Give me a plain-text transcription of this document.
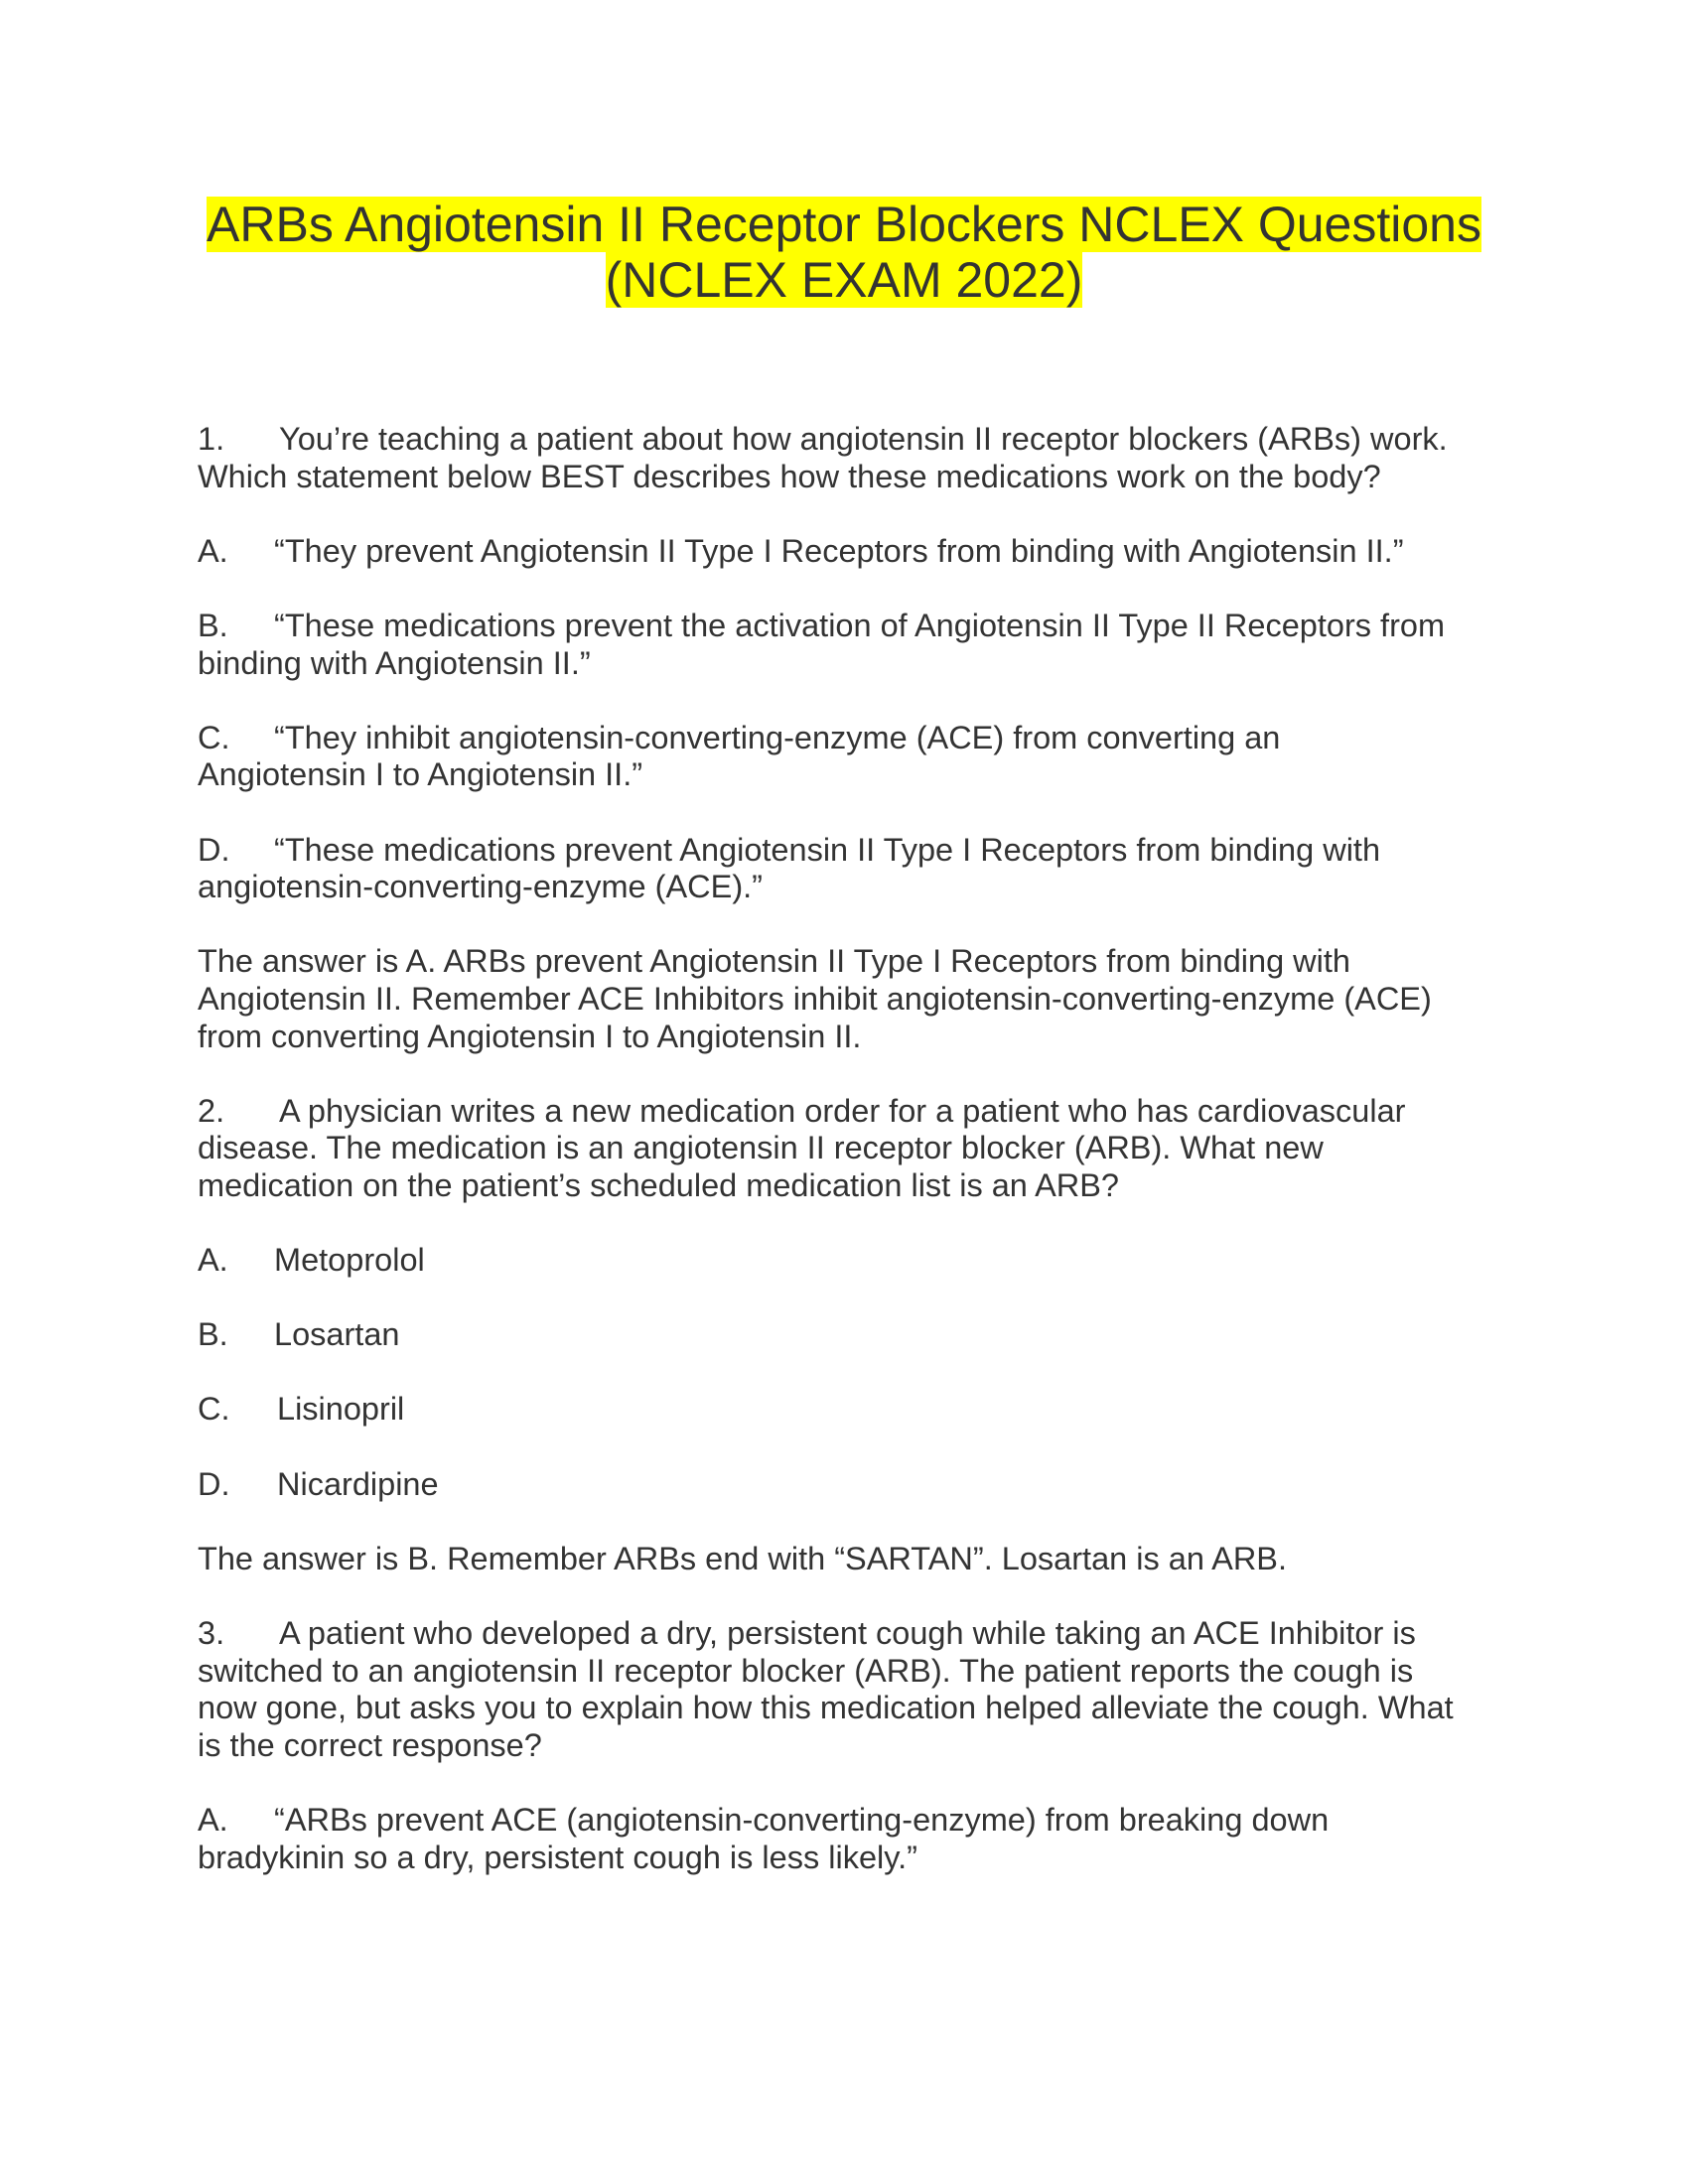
ARBs Angiotensin II Receptor Blockers NCLEX Questions
(NCLEX EXAM 2022)

1. You’re teaching a patient about how angiotensin II receptor blockers (ARBs) work.
Which statement below BEST describes how these medications work on the body?

A. “They prevent Angiotensin II Type I Receptors from binding with Angiotensin II.”

B. “These medications prevent the activation of Angiotensin II Type II Receptors from
binding with Angiotensin II.”

C. “They inhibit angiotensin-converting-enzyme (ACE) from converting an
Angiotensin I to Angiotensin II.”

D. “These medications prevent Angiotensin II Type I Receptors from binding with
angiotensin-converting-enzyme (ACE).”

The answer is A. ARBs prevent Angiotensin II Type I Receptors from binding with
Angiotensin II. Remember ACE Inhibitors inhibit angiotensin-converting-enzyme (ACE)
from converting Angiotensin I to Angiotensin II.

2. A physician writes a new medication order for a patient who has cardiovascular
disease. The medication is an angiotensin II receptor blocker (ARB). What new
medication on the patient’s scheduled medication list is an ARB?

A. Metoprolol

B. Losartan

C. Lisinopril

D. Nicardipine

The answer is B. Remember ARBs end with “SARTAN”. Losartan is an ARB.

3. A patient who developed a dry, persistent cough while taking an ACE Inhibitor is
switched to an angiotensin II receptor blocker (ARB). The patient reports the cough is
now gone, but asks you to explain how this medication helped alleviate the cough. What
is the correct response?

A. “ARBs prevent ACE (angiotensin-converting-enzyme) from breaking down
bradykinin so a dry, persistent cough is less likely.”
